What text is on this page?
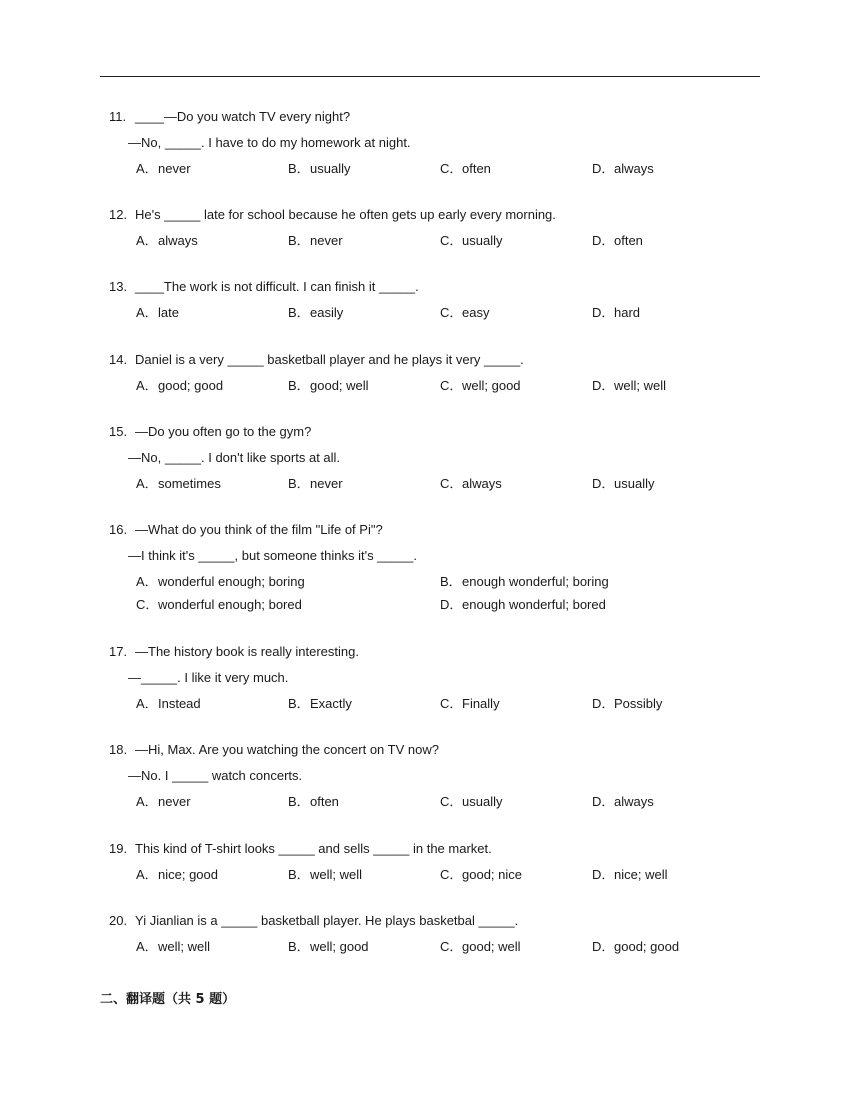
11. ____—Do you watch TV every night?
—No, _____. I have to do my homework at night.
A．never	B．usually	C．often	D．always
12. He's _____ late for school because he often gets up early every morning.
A．always	B．never	C．usually	D．often
13. ____The work is not difficult. I can finish it _____.
A．late	B．easily	C．easy	D．hard
14. Daniel is a very _____ basketball player and he plays it very _____.
A．good; good	B．good; well	C．well; good	D．well; well
15. —Do you often go to the gym?
—No, _____. I don't like sports at all.
A．sometimes	B．never	C．always	D．usually
16. —What do you think of the film "Life of Pi"?
—I think it's _____, but someone thinks it's _____.
A．wonderful enough; boring	B．enough wonderful; boring
C．wonderful enough; bored	D．enough wonderful; bored
17. —The history book is really interesting.
—_____. I like it very much.
A．Instead	B．Exactly	C．Finally	D．Possibly
18. —Hi, Max. Are you watching the concert on TV now?
—No. I _____ watch concerts.
A．never	B．often	C．usually	D．always
19. This kind of T-shirt looks _____ and sells _____ in the market.
A．nice; good	B．well; well	C．good; nice	D．nice; well
20. Yi Jianlian is a _____ basketball player. He plays basketbal _____.
A．well; well	B．well; good	C．good; well	D．good; good
二、翻译题（共 5 题）
